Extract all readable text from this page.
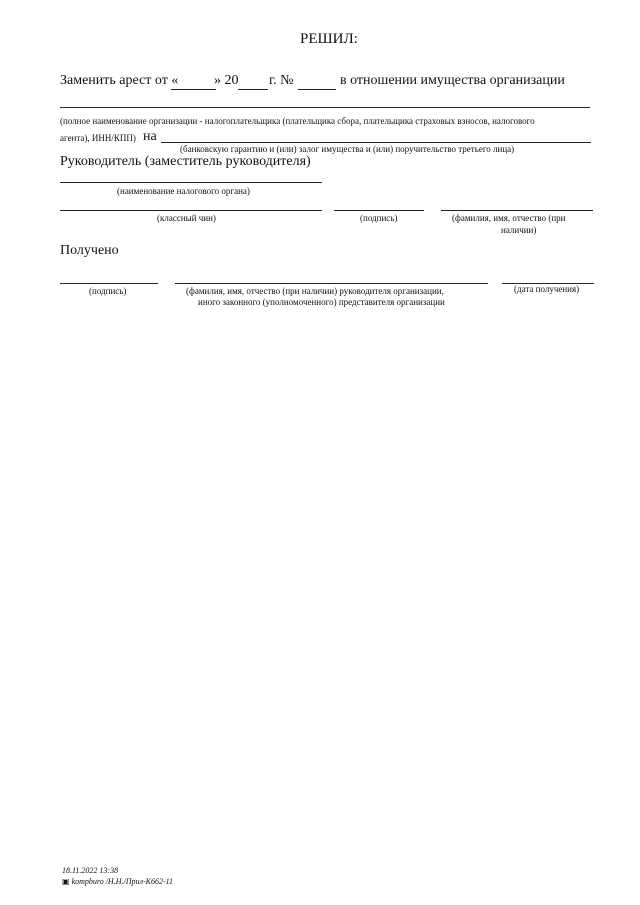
РЕШИЛ:
Заменить арест от «	» 20 г. №	в отношении имущества организации
(полное наименование организации - налогоплательщика (плательщика сбора, плательщика страховых взносов, налогового
агента), ИНН/КПП) на
(банковскую гарантию и (или) залог имущества и (или) поручительство третьего лица)
Руководитель (заместитель руководителя)
(наименование налогового органа)
(классный чин)	(подпись)	(фамилия, имя, отчество (при
наличии)
Получено
(подпись)	(фамилия, имя, отчество (при наличии) руководителя организации,
иного законного (уполномоченного) представителя организации
(дата получения)
18.11.2022 13:38
▣ kompburo /Н.Н./Прил-К662-11
